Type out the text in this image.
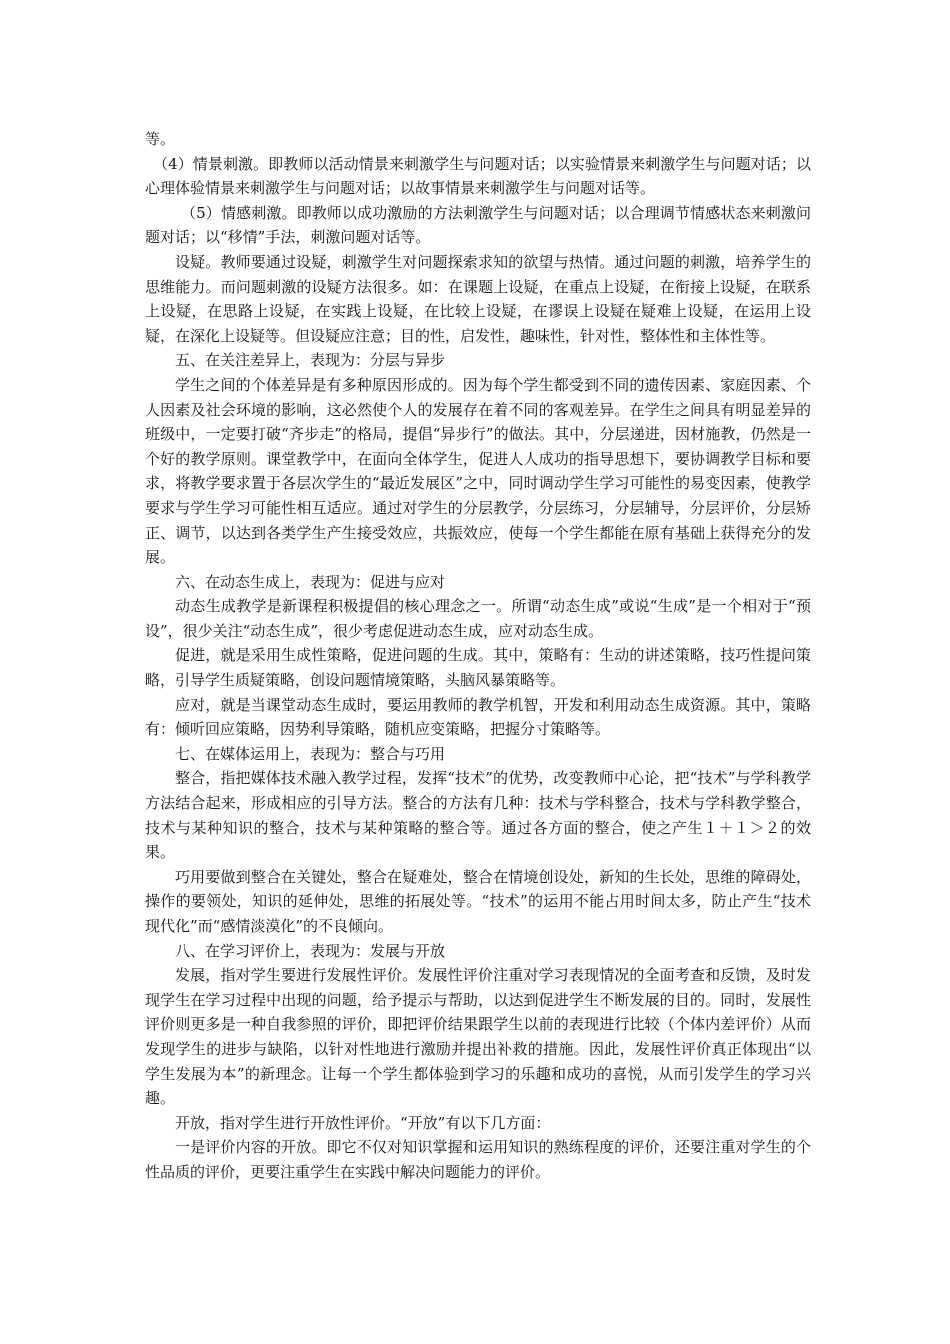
等。

（4）情景刺激。即教师以活动情景来刺激学生与问题对话；以实验情景来刺激学生与问题对话；以心理体验情景来刺激学生与问题对话；以故事情景来刺激学生与问题对话等。

（5）情感刺激。即教师以成功激励的方法刺激学生与问题对话；以合理调节情感状态来刺激问题对话；以“移情”手法，刺激问题对话等。

设疑。教师要通过设疑，刺激学生对问题探索求知的欲望与热情。通过问题的刺激，培养学生的思维能力。而问题刺激的设疑方法很多。如：在课题上设疑，在重点上设疑，在衔接上设疑，在联系上设疑，在思路上设疑，在实践上设疑，在比较上设疑，在谬误上设疑在疑难上设疑，在运用上设疑，在深化上设疑等。但设疑应注意；目的性，启发性，趣味性，针对性，整体性和主体性等。

五、在关注差异上，表现为：分层与异步

学生之间的个体差异是有多种原因形成的。因为每个学生都受到不同的遗传因素、家庭因素、个人因素及社会环境的影响，这必然使个人的发展存在着不同的客观差异。在学生之间具有明显差异的班级中，一定要打破“齐步走”的格局，提倡“异步行”的做法。其中，分层递进，因材施教，仍然是一个好的教学原则。课堂教学中，在面向全体学生，促进人人成功的指导思想下，要协调教学目标和要求，将教学要求置于各层次学生的“最近发展区”之中，同时调动学生学习可能性的易变因素，使教学要求与学生学习可能性相互适应。通过对学生的分层教学，分层练习，分层辅导，分层评价，分层矫正、调节，以达到各类学生产生接受效应，共振效应，使每一个学生都能在原有基础上获得充分的发展。

六、在动态生成上，表现为：促进与应对

动态生成教学是新课程积极提倡的核心理念之一。所谓“动态生成”或说“生成”是一个相对于“预设”，很少关注“动态生成”，很少考虑促进动态生成，应对动态生成。

促进，就是采用生成性策略，促进问题的生成。其中，策略有：生动的讲述策略，技巧性提问策略，引导学生质疑策略，创设问题情境策略，头脑风暴策略等。

应对，就是当课堂动态生成时，要运用教师的教学机智，开发和利用动态生成资源。其中，策略有：倾听回应策略，因势利导策略，随机应变策略，把握分寸策略等。

七、在媒体运用上，表现为：整合与巧用

整合，指把媒体技术融入教学过程，发挥“技术”的优势，改变教师中心论，把“技术”与学科教学方法结合起来，形成相应的引导方法。整合的方法有几种：技术与学科整合，技术与学科教学整合，技术与某种知识的整合，技术与某种策略的整合等。通过各方面的整合，使之产生１＋１＞２的效果。

巧用要做到整合在关键处，整合在疑难处，整合在情境创设处，新知的生长处，思维的障碍处，操作的要领处，知识的延伸处，思维的拓展处等。“技术”的运用不能占用时间太多，防止产生“技术现代化”而“感情淡漠化”的不良倾向。

八、在学习评价上，表现为：发展与开放

发展，指对学生要进行发展性评价。发展性评价注重对学习表现情况的全面考查和反馈，及时发现学生在学习过程中出现的问题，给予提示与帮助，以达到促进学生不断发展的目的。同时，发展性评价则更多是一种自我参照的评价，即把评价结果跟学生以前的表现进行比较（个体内差评价）从而发现学生的进步与缺陷，以针对性地进行激励并提出补救的措施。因此，发展性评价真正体现出“以学生发展为本”的新理念。让每一个学生都体验到学习的乐趣和成功的喜悦，从而引发学生的学习兴趣。

开放，指对学生进行开放性评价。“开放”有以下几方面：

一是评价内容的开放。即它不仅对知识掌握和运用知识的熟练程度的评价，还要注重对学生的个性品质的评价，更要注重学生在实践中解决问题能力的评价。
